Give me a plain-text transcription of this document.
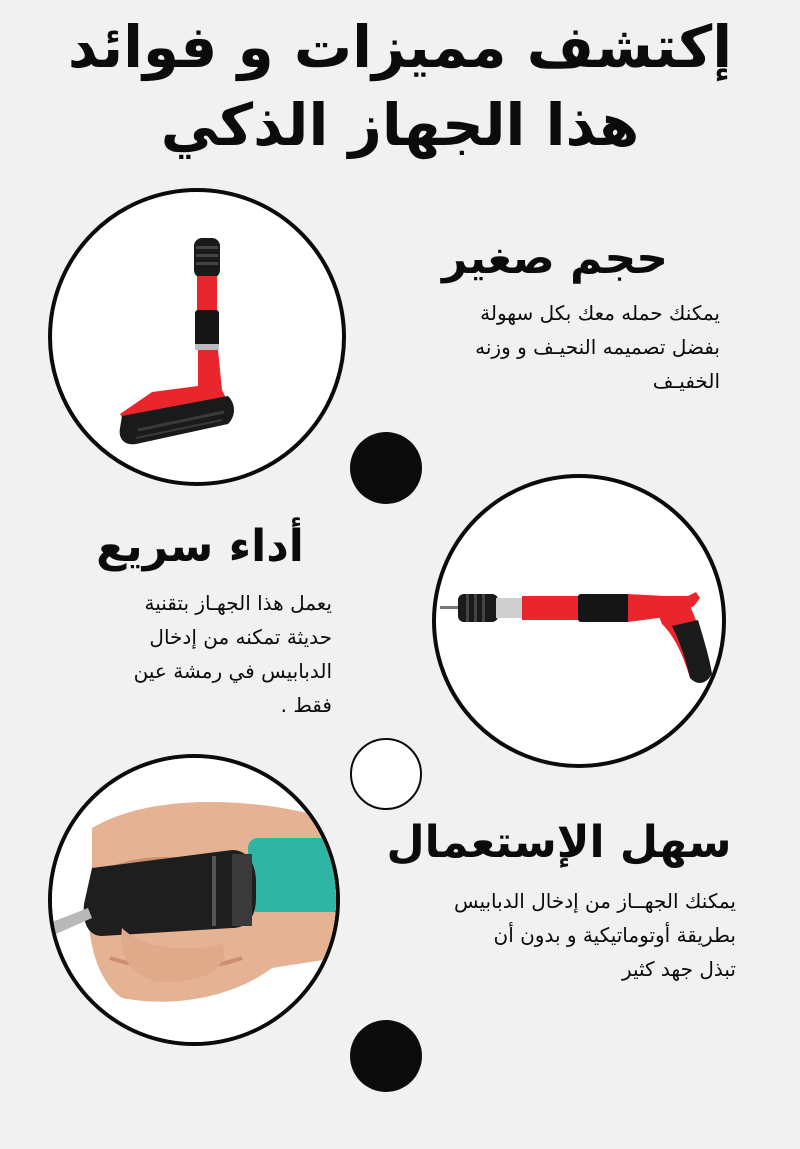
إكتشف مميزات و فوائد
هذا الجهاز الذكي
حجم صغير
يمكنك حمله معك بكل سهولة
بفضل تصميمه النحيـف و وزنه
الخفيـف
أداء سريع
يعمل هذا الجهـاز بتقنية
حديثة تمكنه من إدخال
الدبابيس في رمشة عين
فقط .
سهل الإستعمال
يمكنك الجهــاز من إدخال الدبابيس
بطريقة أوتوماتيكية و بدون أن
تبذل جهد كثير
